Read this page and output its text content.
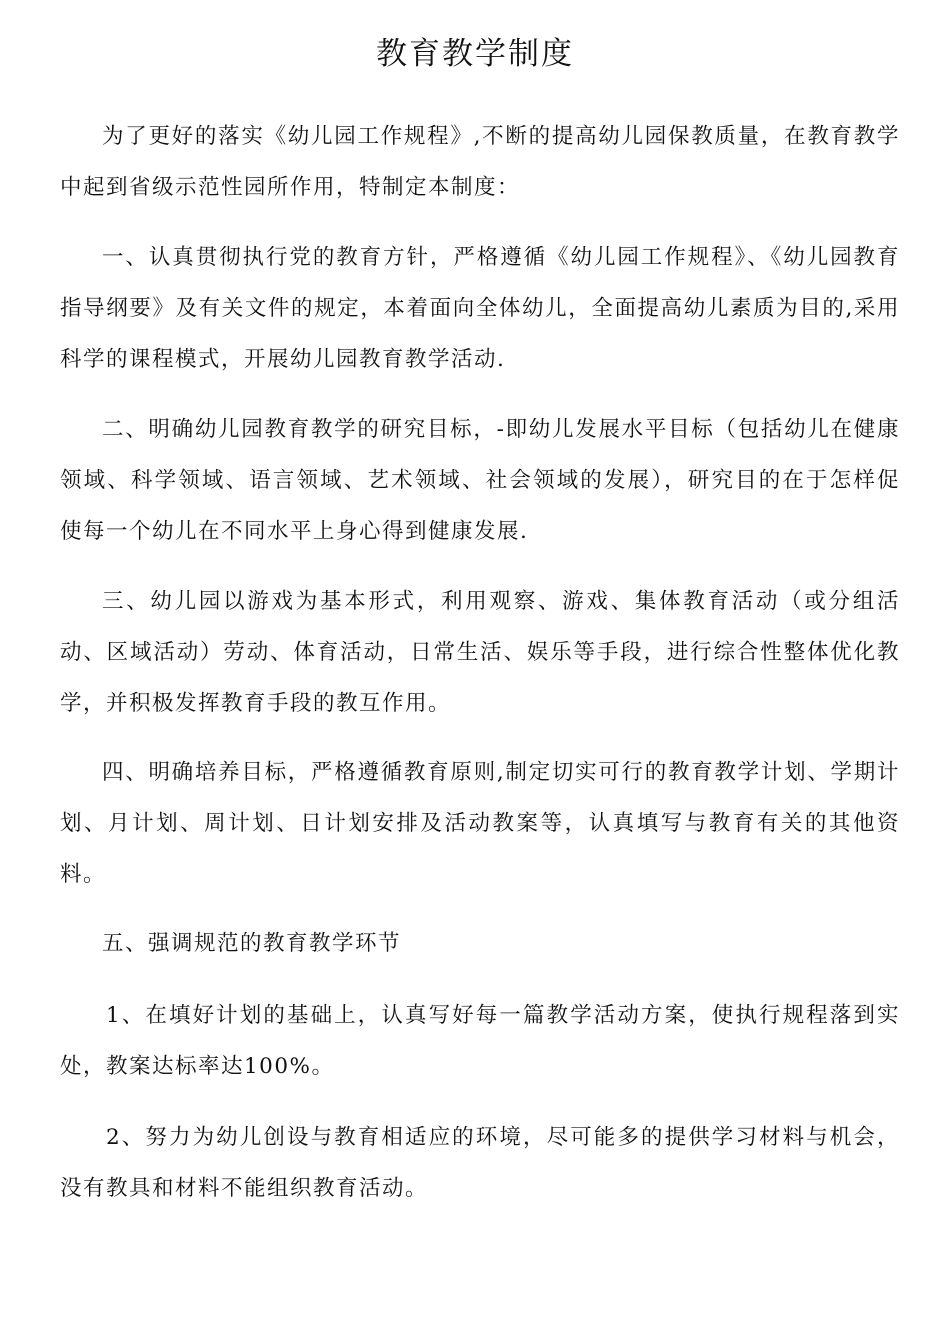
教育教学制度

为了更好的落实《幼儿园工作规程》,不断的提高幼儿园保教质量，在教育教学中起到省级示范性园所作用，特制定本制度：

一、认真贯彻执行党的教育方针，严格遵循《幼儿园工作规程》、《幼儿园教育指导纲要》及有关文件的规定，本着面向全体幼儿，全面提高幼儿素质为目的,采用科学的课程模式，开展幼儿园教育教学活动.

二、明确幼儿园教育教学的研究目标，-即幼儿发展水平目标（包括幼儿在健康领域、科学领域、语言领域、艺术领域、社会领域的发展），研究目的在于怎样促使每一个幼儿在不同水平上身心得到健康发展.

三、幼儿园以游戏为基本形式，利用观察、游戏、集体教育活动（或分组活动、区域活动）劳动、体育活动，日常生活、娱乐等手段，进行综合性整体优化教学，并积极发挥教育手段的教互作用。

四、明确培养目标，严格遵循教育原则,制定切实可行的教育教学计划、学期计划、月计划、周计划、日计划安排及活动教案等，认真填写与教育有关的其他资料。

五、强调规范的教育教学环节

1、在填好计划的基础上，认真写好每一篇教学活动方案，使执行规程落到实处，教案达标率达100%。

2、努力为幼儿创设与教育相适应的环境，尽可能多的提供学习材料与机会，没有教具和材料不能组织教育活动。
